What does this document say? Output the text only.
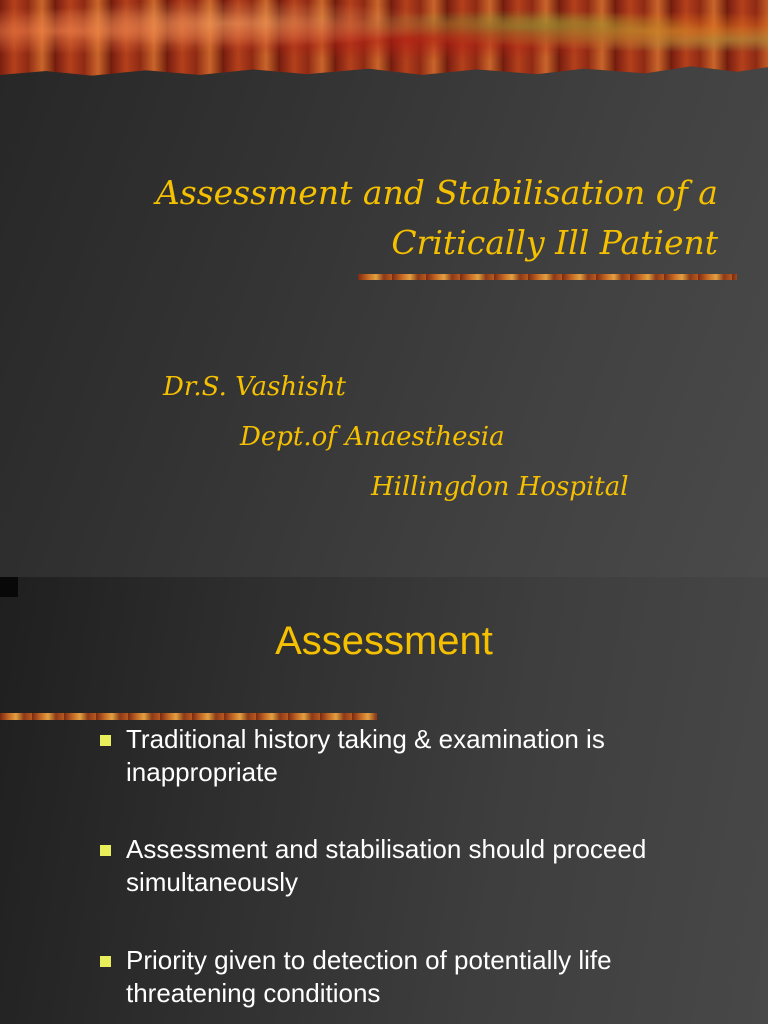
Assessment and Stabilisation of a
Critically Ill Patient

Dr.S. Vashisht

Dept.of Anaesthesia

Hillingdon Hospital

Assessment
Traditional history taking & examination is inappropriate
Assessment and stabilisation should proceed simultaneously
Priority given to detection of potentially life threatening conditions
